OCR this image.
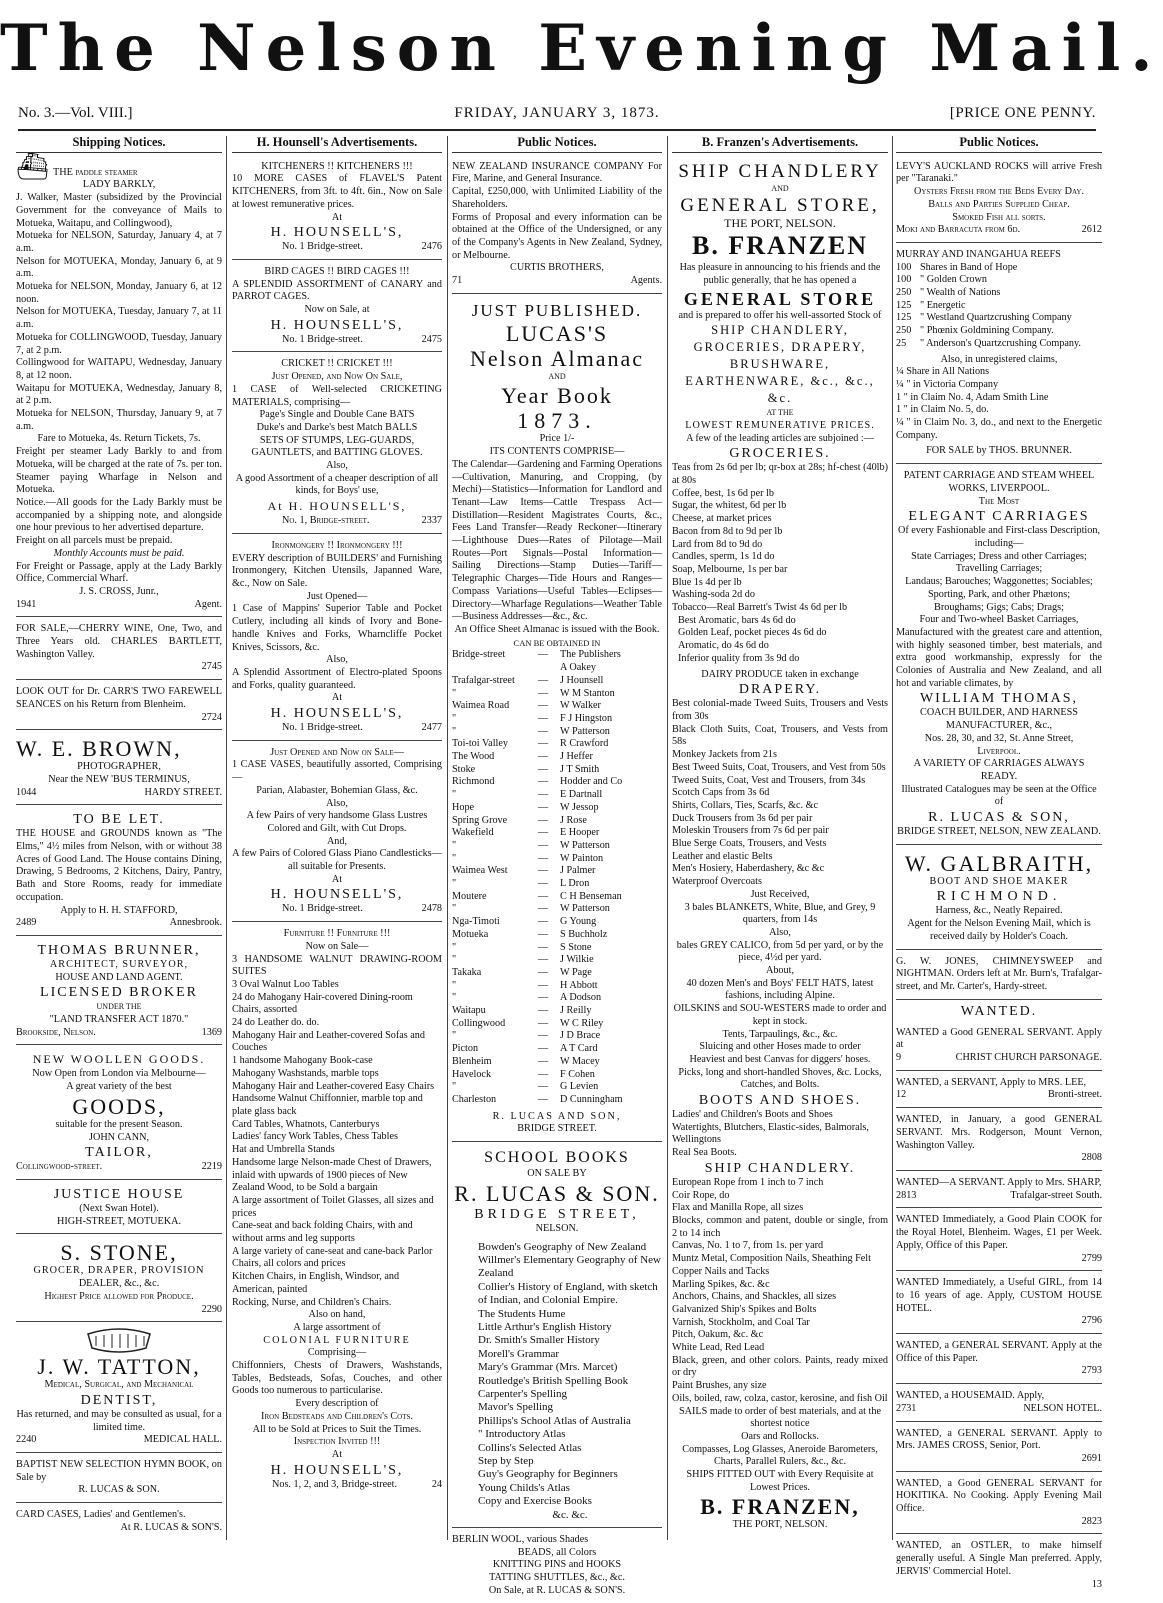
The Nelson Evening Mail.
No. 3.—Vol. VIII.]	FRIDAY, JANUARY 3, 1873.	[PRICE ONE PENNY.
Shipping Notices.

⛴ THE paddle steamer

LADY BARKLY,

J. Walker, Master (subsidized by the Provincial Government for the conveyance of Mails to Motueka, Waitapu, and Collingwood),

Motueka for NELSON, Saturday, January 4, at 7 a.m.

Nelson for MOTUEKA, Monday, January 6, at 9 a.m.

Motueka for NELSON, Monday, January 6, at 12 noon.

Nelson for MOTUEKA, Tuesday, January 7, at 11 a.m.

Motueka for COLLINGWOOD, Tuesday, January 7, at 2 p.m.

Collingwood for WAITAPU, Wednesday, January 8, at 12 noon.

Waitapu for MOTUEKA, Wednesday, January 8, at 2 p.m.

Motueka for NELSON, Thursday, January 9, at 7 a.m.

Fare to Motueka, 4s. Return Tickets, 7s.

Freight per steamer Lady Barkly to and from Motueka, will be charged at the rate of 7s. per ton. Steamer paying Wharfage in Nelson and Motueka.

Notice.—All goods for the Lady Barkly must be accompanied by a shipping note, and alongside one hour previous to her advertised departure.

Freight on all parcels must be prepaid.

Monthly Accounts must be paid.

For Freight or Passage, apply at the Lady Barkly Office, Commercial Wharf.

J. S. CROSS, Junr.,

1941	Agent.

FOR SALE,—CHERRY WINE, One, Two, and Three Years old. CHARLES BARTLETT, Washington Valley.

2745

LOOK OUT for Dr. CARR'S TWO FAREWELL SEANCES on his Return from Blenheim.

2724

W. E. BROWN,

PHOTOGRAPHER,

Near the NEW 'BUS TERMINUS,

1044	HARDY STREET.

TO BE LET.

THE HOUSE and GROUNDS known as "The Elms," 4½ miles from Nelson, with or without 38 Acres of Good Land. The House contains Dining, Drawing, 5 Bedrooms, 2 Kitchens, Dairy, Pantry, Bath and Store Rooms, ready for immediate occupation.

Apply to H. H. STAFFORD,

2489	Annesbrook.

THOMAS BRUNNER,

ARCHITECT, SURVEYOR,

HOUSE AND LAND AGENT.

LICENSED BROKER

UNDER THE

"LAND TRANSFER ACT 1870."

Brookside, Nelson.	1369

NEW WOOLLEN GOODS.

Now Open from London via Melbourne—

A great variety of the best

GOODS,

suitable for the present Season.

JOHN CANN,

TAILOR,

Collingwood-street.	2219

JUSTICE HOUSE

(Next Swan Hotel).

HIGH-STREET, MOTUEKA.

S. STONE,

GROCER, DRAPER, PROVISION

DEALER, &c., &c.

Highest Price allowed for Produce.

2290

J. W. TATTON,

Medical, Surgical, and Mechanical

DENTIST,

Has returned, and may be consulted as usual, for a limited time.

2240	MEDICAL HALL.

BAPTIST NEW SELECTION HYMN BOOK, on Sale by

R. LUCAS & SON.

CARD CASES, Ladies' and Gentlemen's.

At R. LUCAS & SON'S.

H. Hounsell's Advertisements.

KITCHENERS !! KITCHENERS !!!

10 MORE CASES of FLAVEL'S Patent KITCHENERS, from 3ft. to 4ft. 6in., Now on Sale at lowest remunerative prices.

At

H. HOUNSELL'S,

No. 1 Bridge-street.	2476

BIRD CAGES !! BIRD CAGES !!!

A SPLENDID ASSORTMENT of CANARY and PARROT CAGES.

Now on Sale, at

H. HOUNSELL'S,

No. 1 Bridge-street.	2475

CRICKET !! CRICKET !!!

Just Opened, and Now On Sale,

1 CASE of Well-selected CRICKETING MATERIALS, comprising—

Page's Single and Double Cane BATS

Duke's and Darke's best Match BALLS

SETS OF STUMPS, LEG-GUARDS, GAUNTLETS, and BATTING GLOVES.

Also,

A good Assortment of a cheaper description of all kinds, for Boys' use,

At H. HOUNSELL'S,

No. 1, Bridge-street.	2337

Ironmongery !! Ironmongery !!!

EVERY description of BUILDERS' and Furnishing Ironmongery, Kitchen Utensils, Japanned Ware, &c., Now on Sale.

Just Opened—

1 Case of Mappins' Superior Table and Pocket Cutlery, including all kinds of Ivory and Bone-handle Knives and Forks, Wharncliffe Pocket Knives, Scissors, &c.

Also,

A Splendid Assortment of Electro-plated Spoons and Forks, quality guaranteed.

At

H. HOUNSELL'S,

No. 1 Bridge-street.	2477

Just Opened and Now on Sale—

1 CASE VASES, beautifully assorted, Comprising—

Parian, Alabaster, Bohemian Glass, &c.

Also,

A few Pairs of very handsome Glass Lustres Colored and Gilt, with Cut Drops.

And,

A few Pairs of Colored Glass Piano Candlesticks—all suitable for Presents.

At

H. HOUNSELL'S,

No. 1 Bridge-street.	2478

Furniture !! Furniture !!!

Now on Sale—

3 HANDSOME WALNUT DRAWING-ROOM SUITES

3 Oval Walnut Loo Tables

24 do Mahogany Hair-covered Dining-room Chairs, assorted

24 do Leather do. do.

Mahogany Hair and Leather-covered Sofas and Couches

1 handsome Mahogany Book-case

Mahogany Washstands, marble tops

Mahogany Hair and Leather-covered Easy Chairs

Handsome Walnut Chiffonnier, marble top and plate glass back

Card Tables, Whatnots, Canterburys

Ladies' fancy Work Tables, Chess Tables

Hat and Umbrella Stands

Handsome large Nelson-made Chest of Drawers, inlaid with upwards of 1900 pieces of New Zealand Wood, to be Sold a bargain

A large assortment of Toilet Glasses, all sizes and prices

Cane-seat and back folding Chairs, with and without arms and leg supports

A large variety of cane-seat and cane-back Parlor Chairs, all colors and prices

Kitchen Chairs, in English, Windsor, and American, painted

Rocking, Nurse, and Children's Chairs.

Also on hand,

A large assortment of

COLONIAL FURNITURE

Comprising—

Chiffonniers, Chests of Drawers, Washstands, Tables, Bedsteads, Sofas, Couches, and other Goods too numerous to particularise.

Every description of

Iron Bedsteads and Children's Cots.

All to be Sold at Prices to Suit the Times.

Inspection Invited !!!

At

H. HOUNSELL'S,

Nos. 1, 2, and 3, Bridge-street.	24
Public Notices.

NEW ZEALAND INSURANCE COMPANY For Fire, Marine, and General Insurance.

Capital, £250,000, with Unlimited Liability of the Shareholders.

Forms of Proposal and every information can be obtained at the Office of the Undersigned, or any of the Company's Agents in New Zealand, Sydney, or Melbourne.

CURTIS BROTHERS,

71	Agents.

JUST PUBLISHED.

LUCAS'S

Nelson Almanac

AND

Year Book

1873.

Price 1/-

ITS CONTENTS COMPRISE—

The Calendar—Gardening and Farming Operations—Cultivation, Manuring, and Cropping, (by Mechi)—Statistics—Information for Landlord and Tenant—Law Items—Cattle Trespass Act—Distillation—Resident Magistrates Courts, &c., Fees Land Transfer—Ready Reckoner—Itinerary—Lighthouse Dues—Rates of Pilotage—Mail Routes—Port Signals—Postal Information—Sailing Directions—Stamp Duties—Tariff—Telegraphic Charges—Tide Hours and Ranges—Compass Variations—Useful Tables—Eclipses—Directory—Wharfage Regulations—Weather Table—Business Addresses—&c., &c.

An Office Sheet Almanac is issued with the Book.

CAN BE OBTAINED IN

Bridge-street	—	The Publishers
A Oakey
Trafalgar-street	—	J Hounsell
"	—	W M Stanton
Waimea Road	—	W Walker
"	—	F J Hingston
"	—	W Patterson
Toi-toi Valley	—	R Crawford
The Wood	—	J Heffer
Stoke	—	J T Smith
Richmond	—	Hodder and Co
"	—	E Dartnall
Hope	—	W Jessop
Spring Grove	—	J Rose
Wakefield	—	E Hooper
"	—	W Patterson
"	—	W Painton
Waimea West	—	J Palmer
"	—	L Dron
Moutere	—	C H Benseman
"	—	W Patterson
Nga-Timoti	—	G Young
Motueka	—	S Buchholz
"	—	S Stone
"	—	J Wilkie
Takaka	—	W Page
"	—	H Abbott
"	—	A Dodson
Waitapu	—	J Reilly
Collingwood	—	W C Riley
"	—	J D Brace
Picton	—	A T Card
Blenheim	—	W Macey
Havelock	—	F Cohen
"	—	G Levien
Charleston	—	D Cunningham

R. LUCAS AND SON,

BRIDGE STREET.

SCHOOL BOOKS

ON SALE BY

R. LUCAS & SON.

BRIDGE STREET,

NELSON.

Bowden's Geography of New Zealand

Willmer's Elementary Geography of New Zealand

Collier's History of England, with sketch of Indian, and Colonial Empire.

The Students Hume

Little Arthur's English History

Dr. Smith's Smaller History

Morell's Grammar

Mary's Grammar (Mrs. Marcet)

Routledge's British Spelling Book

Carpenter's Spelling

Mavor's Spelling

Phillips's School Atlas of Australia

" Introductory Atlas

Collins's Selected Atlas

Step by Step

Guy's Geography for Beginners

Young Childs's Atlas

Copy and Exercise Books

&c. &c.

BERLIN WOOL, various Shades

BEADS, all Colors

KNITTING PINS and HOOKS

TATTING SHUTTLES, &c., &c.

On Sale, at R. LUCAS & SON'S.

B. Franzen's Advertisements.

SHIP CHANDLERY

AND

GENERAL STORE,

THE PORT, NELSON.

B. FRANZEN

Has pleasure in announcing to his friends and the public generally, that he has opened a

GENERAL STORE

and is prepared to offer his well-assorted Stock of

SHIP CHANDLERY,

GROCERIES, DRAPERY, BRUSHWARE,

EARTHENWARE, &c., &c., &c.

AT THE

LOWEST REMUNERATIVE PRICES.

A few of the leading articles are subjoined :—

GROCERIES.

Teas from 2s 6d per lb; qr-box at 28s; hf-chest (40lb) at 80s

Coffee, best, 1s 6d per lb

Sugar, the whitest, 6d per lb

Cheese, at market prices

Bacon from 8d to 9d per lb

Lard from 8d to 9d do

Candles, sperm, 1s 1d do

Soap, Melbourne, 1s per bar

Blue 1s 4d per lb

Washing-soda 2d do

Tobacco—Real Barrett's Twist 4s 6d per lb

Best Aromatic, bars 4s 6d do

Golden Leaf, pocket pieces 4s 6d do

Aromatic, do 4s 6d do

Inferior quality from 3s 9d do

DAIRY PRODUCE taken in exchange

DRAPERY.

Best colonial-made Tweed Suits, Trousers and Vests from 30s

Black Cloth Suits, Coat, Trousers, and Vests from 58s

Monkey Jackets from 21s

Best Tweed Suits, Coat, Trousers, and Vest from 50s

Tweed Suits, Coat, Vest and Trousers, from 34s

Scotch Caps from 3s 6d

Shirts, Collars, Ties, Scarfs, &c. &c

Duck Trousers from 3s 6d per pair

Moleskin Trousers from 7s 6d per pair

Blue Serge Coats, Trousers, and Vests

Leather and elastic Belts

Men's Hosiery, Haberdashery, &c &c

Waterproof Overcoats

Just Received,

3 bales BLANKETS, White, Blue, and Grey, 9 quarters, from 14s

Also,

bales GREY CALICO, from 5d per yard, or by the piece, 4½d per yard.

About,

40 dozen Men's and Boys' FELT HATS, latest fashions, including Alpine.

OILSKINS and SOU-WESTERS made to order and kept in stock.

Tents, Tarpaulings, &c., &c.

Sluicing and other Hoses made to order

Heaviest and best Canvas for diggers' hoses.

Picks, long and short-handled Shoves, &c. Locks, Catches, and Bolts.

BOOTS AND SHOES.

Ladies' and Children's Boots and Shoes

Watertights, Blutchers, Elastic-sides, Balmorals, Wellingtons

Real Sea Boots.

SHIP CHANDLERY.

European Rope from 1 inch to 7 inch

Coir Rope, do

Flax and Manilla Rope, all sizes

Blocks, common and patent, double or single, from 2 to 14 inch

Canvas, No. 1 to 7, from 1s. per yard

Muntz Metal, Composition Nails, Sheathing Felt

Copper Nails and Tacks

Marling Spikes, &c. &c

Anchors, Chains, and Shackles, all sizes

Galvanized Ship's Spikes and Bolts

Varnish, Stockholm, and Coal Tar

Pitch, Oakum, &c. &c

White Lead, Red Lead

Black, green, and other colors. Paints, ready mixed or dry

Paint Brushes, any size

Oils, boiled, raw, colza, castor, kerosine, and fish Oil

SAILS made to order of best materials, and at the shortest notice

Oars and Rollocks.

Compasses, Log Glasses, Aneroide Barometers, Charts, Parallel Rulers, &c., &c.

SHIPS FITTED OUT with Every Requisite at Lowest Prices.

B. FRANZEN,

THE PORT, NELSON.

Public Notices.

LEVY'S AUCKLAND ROCKS will arrive Fresh per "Taranaki."

Oysters Fresh from the Beds Every Day.

Balls and Parties Supplied Cheap.

Smoked Fish all sorts.

Moki and Barracuta from 6d.	2612

MURRAY AND INANGAHUA REEFS

100 Shares in Band of Hope
100 " Golden Crown
250 " Wealth of Nations
125 " Energetic
125 " Westland Quartzcrushing Company
250 " Phœnix Goldmining Company.
25	" Anderson's Quartzcrushing Company.

Also, in unregistered claims,

¼ Share in All Nations

¼ " in Victoria Company

1 " in Claim No. 4, Adam Smith Line

1 " in Claim No. 5, do.

¼ " in Claim No. 3, do., and next to the Energetic Company.

FOR SALE by THOS. BRUNNER.

PATENT CARRIAGE AND STEAM WHEEL WORKS, LIVERPOOL.

The Most

ELEGANT CARRIAGES

Of every Fashionable and First-class Description, including—

State Carriages; Dress and other Carriages; Travelling Carriages;

Landaus; Barouches; Waggonettes; Sociables; Sporting, Park, and other Phætons;

Broughams; Gigs; Cabs; Drags;

Four and Two-wheel Basket Carriages,

Manufactured with the greatest care and attention, with highly seasoned timber, best materials, and extra good workmanship, expressly for the Colonies of Australia and New Zealand, and all hot and variable climates, by

WILLIAM THOMAS,

COACH BUILDER, AND HARNESS MANUFACTURER, &c.,

Nos. 28, 30, and 32, St. Anne Street,

Liverpool.

A VARIETY OF CARRIAGES ALWAYS READY.

Illustrated Catalogues may be seen at the Office of

R. LUCAS & SON,

BRIDGE STREET, NELSON, NEW ZEALAND.

W. GALBRAITH,

BOOT AND SHOE MAKER

RICHMOND.

Harness, &c., Neatly Repaired.

Agent for the Nelson Evening Mail, which is received daily by Holder's Coach.

G. W. JONES, CHIMNEYSWEEP and NIGHTMAN. Orders left at Mr. Burn's, Trafalgar-street, and Mr. Carter's, Hardy-street.

WANTED.

WANTED a Good GENERAL SERVANT. Apply at

9	CHRIST CHURCH PARSONAGE.

WANTED, a SERVANT, Apply to MRS. LEE,

12	Bronti-street.

WANTED, in January, a good GENERAL SERVANT. Mrs. Rodgerson, Mount Vernon, Washington Valley.

2808

WANTED—A SERVANT. Apply to Mrs. SHARP,

2813	Trafalgar-street South.

WANTED Immediately, a Good Plain COOK for the Royal Hotel, Blenheim. Wages, £1 per Week. Apply, Office of this Paper.

2799

WANTED Immediately, a Useful GIRL, from 14 to 16 years of age. Apply, CUSTOM HOUSE HOTEL.

2796

WANTED, a GENERAL SERVANT. Apply at the Office of this Paper.

2793

WANTED, a HOUSEMAID. Apply,

2731	NELSON HOTEL.

WANTED, a GENERAL SERVANT. Apply to Mrs. JAMES CROSS, Senior, Port.

2691

WANTED, a Good GENERAL SERVANT for HOKITIKA. No Cooking. Apply Evening Mail Office.

2823

WANTED, an OSTLER, to make himself generally useful. A Single Man preferred. Apply, JERVIS' Commercial Hotel.

13
